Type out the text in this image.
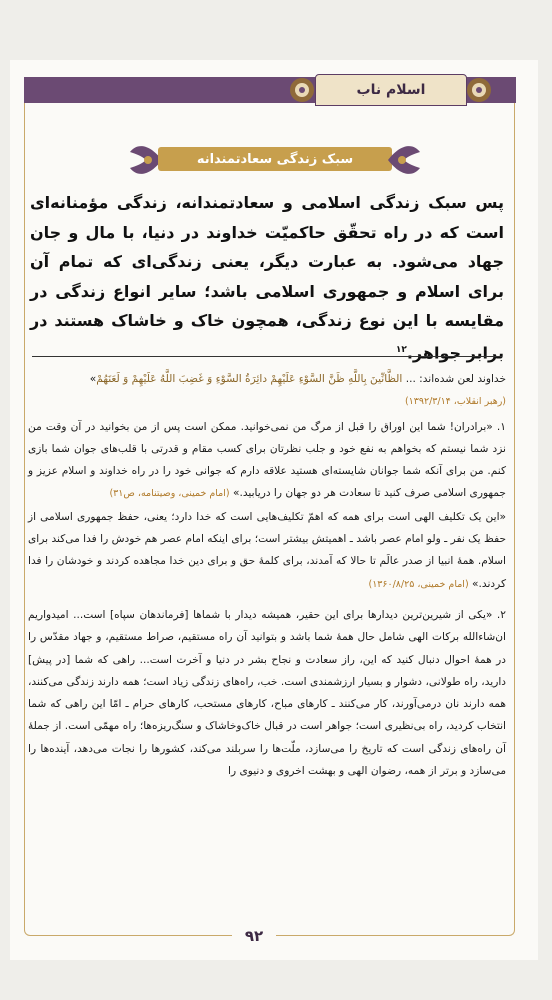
اسلام ناب
سبک زندگی سعادتمندانه
پس سبک زندگی اسلامی و سعادتمندانه، زندگی مؤمنانه‌ای است که در راه تحقّق حاکمیّت خداوند در دنیا، با مال و جان جهاد می‌شود. به عبارت دیگر، یعنی زندگی‌ای که تمام آن برای اسلام و جمهوری اسلامی باشد؛ سایر انواع زندگی در مقایسه با این نوع زندگی، همچون خاک و خاشاک هستند در برابر جواهر.$^{۱۲}$

خداوند لعن شده‌اند: ... الظَّانِّینَ بِاللَّهِ ظَنَّ السَّوْءِ عَلَیْهِمْ دائِرَةُ السَّوْءِ وَ غَضِبَ اللَّهُ عَلَیْهِمْ وَ لَعَنَهُمْ»

(رهبر انقلاب، ۱۳۹۲/۳/۱۴)

۱. «برادران! شما این اوراق را قبل از مرگ من نمی‌خوانید. ممکن است پس از من بخوانید در آن وقت من نزد شما نیستم که بخواهم به نفع خود و جلب نظرتان برای کسب مقام و قدرتی با قلب‌های جوان شما بازی کنم. من برای آنکه شما جوانان شایسته‌ای هستید علاقه دارم که جوانی خود را در راه خداوند و اسلام عزیز و جمهوری اسلامی صرف کنید تا سعادت هر دو جهان را دریابید.» (امام خمینی، وصیتنامه، ص۳۱)

«این یک تکلیف الهی است برای همه که اهمّ تکلیف‌هایی است که خدا دارد؛ یعنی، حفظ جمهوری اسلامی از حفظ یک نفر ـ ولو امام عصر باشد ـ اهمیتش بیشتر است؛ برای اینکه امام عصر هم خودش را فدا می‌کند برای اسلام. همهٔ انبیا از صدر عالَم تا حالا که آمدند، برای کلمهٔ حق و برای دین خدا مجاهده کردند و خودشان را فدا کردند.» (امام خمینی، ۱۳۶۰/۸/۲۵)

۲. «یکی از شیرین‌ترین دیدارها برای این حقیر، همیشه دیدار با شماها [فرماندهان سپاه] است... امیدواریم ان‌شاءالله برکات الهی شامل حال همهٔ شما باشد و بتوانید آن راه مستقیم، صراط مستقیم، و جهاد مقدّس را در همهٔ احوال دنبال کنید که این، راز سعادت و نجاح بشر در دنیا و آخرت است... راهی که شما [در پیش] دارید، راه طولانی، دشوار و بسیار ارزشمندی است. خب، راه‌های زندگی زیاد است؛ همه دارند زندگی می‌کنند، همه دارند نان درمی‌آورند، کار می‌کنند ـ کارهای مباح، کارهای مستحب، کارهای حرام ـ امّا این راهی که شما انتخاب کردید، راه بی‌نظیری است؛ جواهر است در قبال خاک‌وخاشاک و سنگ‌ریزه‌ها؛ راه مهمّی است. از جملهٔ آن راه‌های زندگی است که تاریخ را می‌سازد، ملّت‌ها را سربلند می‌کند، کشورها را نجات می‌دهد، آینده‌ها را می‌سازد و برتر از همه، رضوان الهی و بهشت اخروی و دنیوی را

۹۲
